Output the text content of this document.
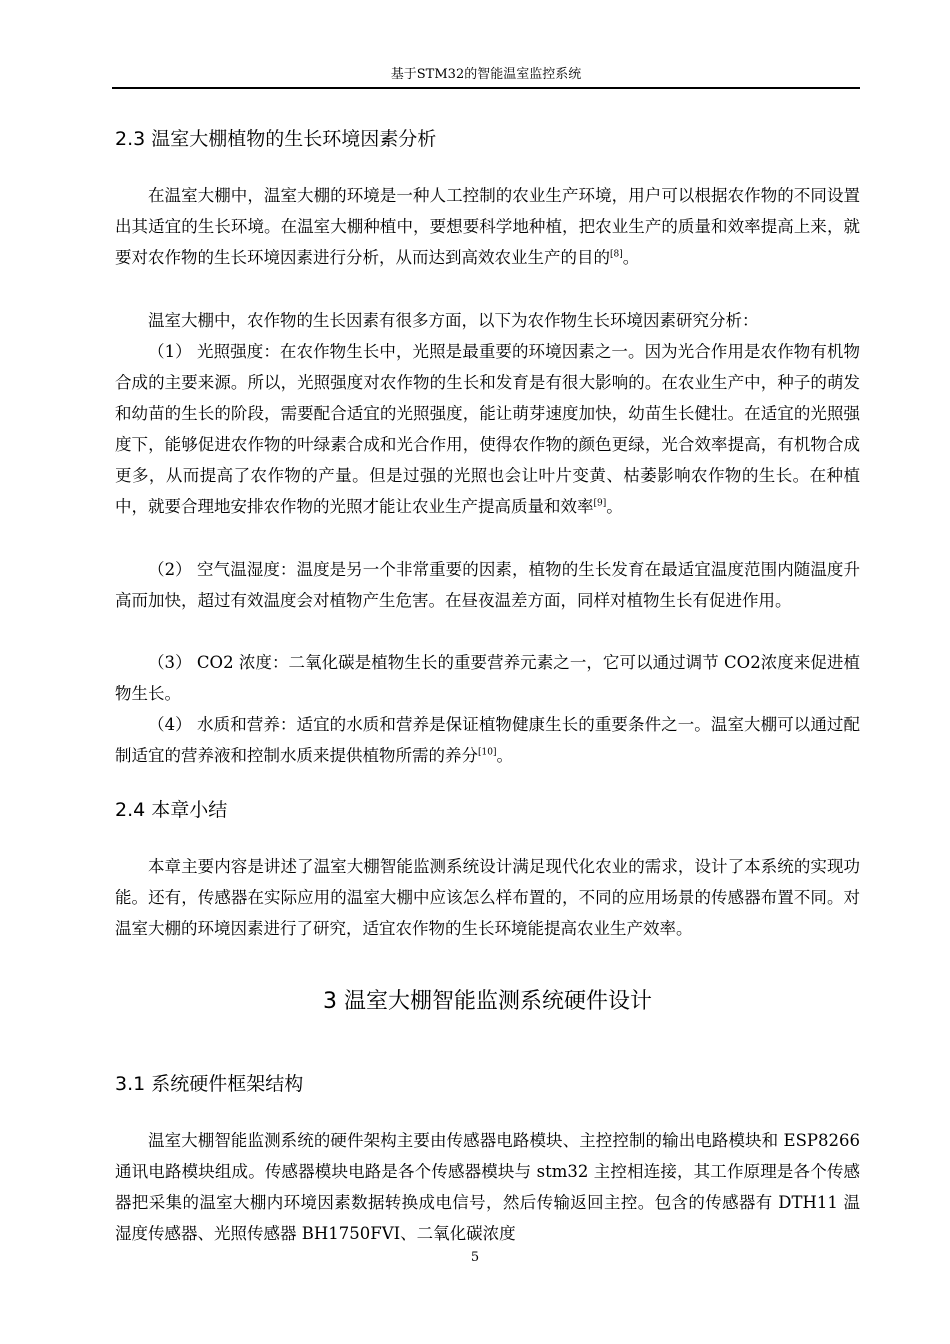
基于STM32的智能温室监控系统
2.3 温室大棚植物的生长环境因素分析

在温室大棚中，温室大棚的环境是一种人工控制的农业生产环境，用户可以根据农作物的不同设置出其适宜的生长环境。在温室大棚种植中，要想要科学地种植，把农业生产的质量和效率提高上来，就要对农作物的生长环境因素进行分析，从而达到高效农业生产的目的[8]。

温室大棚中，农作物的生长因素有很多方面，以下为农作物生长环境因素研究分析：

（1） 光照强度：在农作物生长中，光照是最重要的环境因素之一。因为光合作用是农作物有机物合成的主要来源。所以，光照强度对农作物的生长和发育是有很大影响的。在农业生产中，种子的萌发和幼苗的生长的阶段，需要配合适宜的光照强度，能让萌芽速度加快，幼苗生长健壮。在适宜的光照强度下，能够促进农作物的叶绿素合成和光合作用，使得农作物的颜色更绿，光合效率提高，有机物合成更多，从而提高了农作物的产量。但是过强的光照也会让叶片变黄、枯萎影响农作物的生长。在种植中，就要合理地安排农作物的光照才能让农业生产提高质量和效率[9]。

（2） 空气温湿度：温度是另一个非常重要的因素，植物的生长发育在最适宜温度范围内随温度升高而加快，超过有效温度会对植物产生危害。在昼夜温差方面，同样对植物生长有促进作用。

（3） CO2 浓度：二氧化碳是植物生长的重要营养元素之一，它可以通过调节 CO2浓度来促进植物生长。

（4） 水质和营养：适宜的水质和营养是保证植物健康生长的重要条件之一。温室大棚可以通过配制适宜的营养液和控制水质来提供植物所需的养分[10]。

2.4 本章小结

本章主要内容是讲述了温室大棚智能监测系统设计满足现代化农业的需求，设计了本系统的实现功能。还有，传感器在实际应用的温室大棚中应该怎么样布置的，不同的应用场景的传感器布置不同。对温室大棚的环境因素进行了研究，适宜农作物的生长环境能提高农业生产效率。

3 温室大棚智能监测系统硬件设计
3.1 系统硬件框架结构

温室大棚智能监测系统的硬件架构主要由传感器电路模块、主控控制的输出电路模块和 ESP8266 通讯电路模块组成。传感器模块电路是各个传感器模块与 stm32 主控相连接，其工作原理是各个传感器把采集的温室大棚内环境因素数据转换成电信号，然后传输返回主控。包含的传感器有 DTH11 温湿度传感器、光照传感器 BH1750FVI、二氧化碳浓度

5
